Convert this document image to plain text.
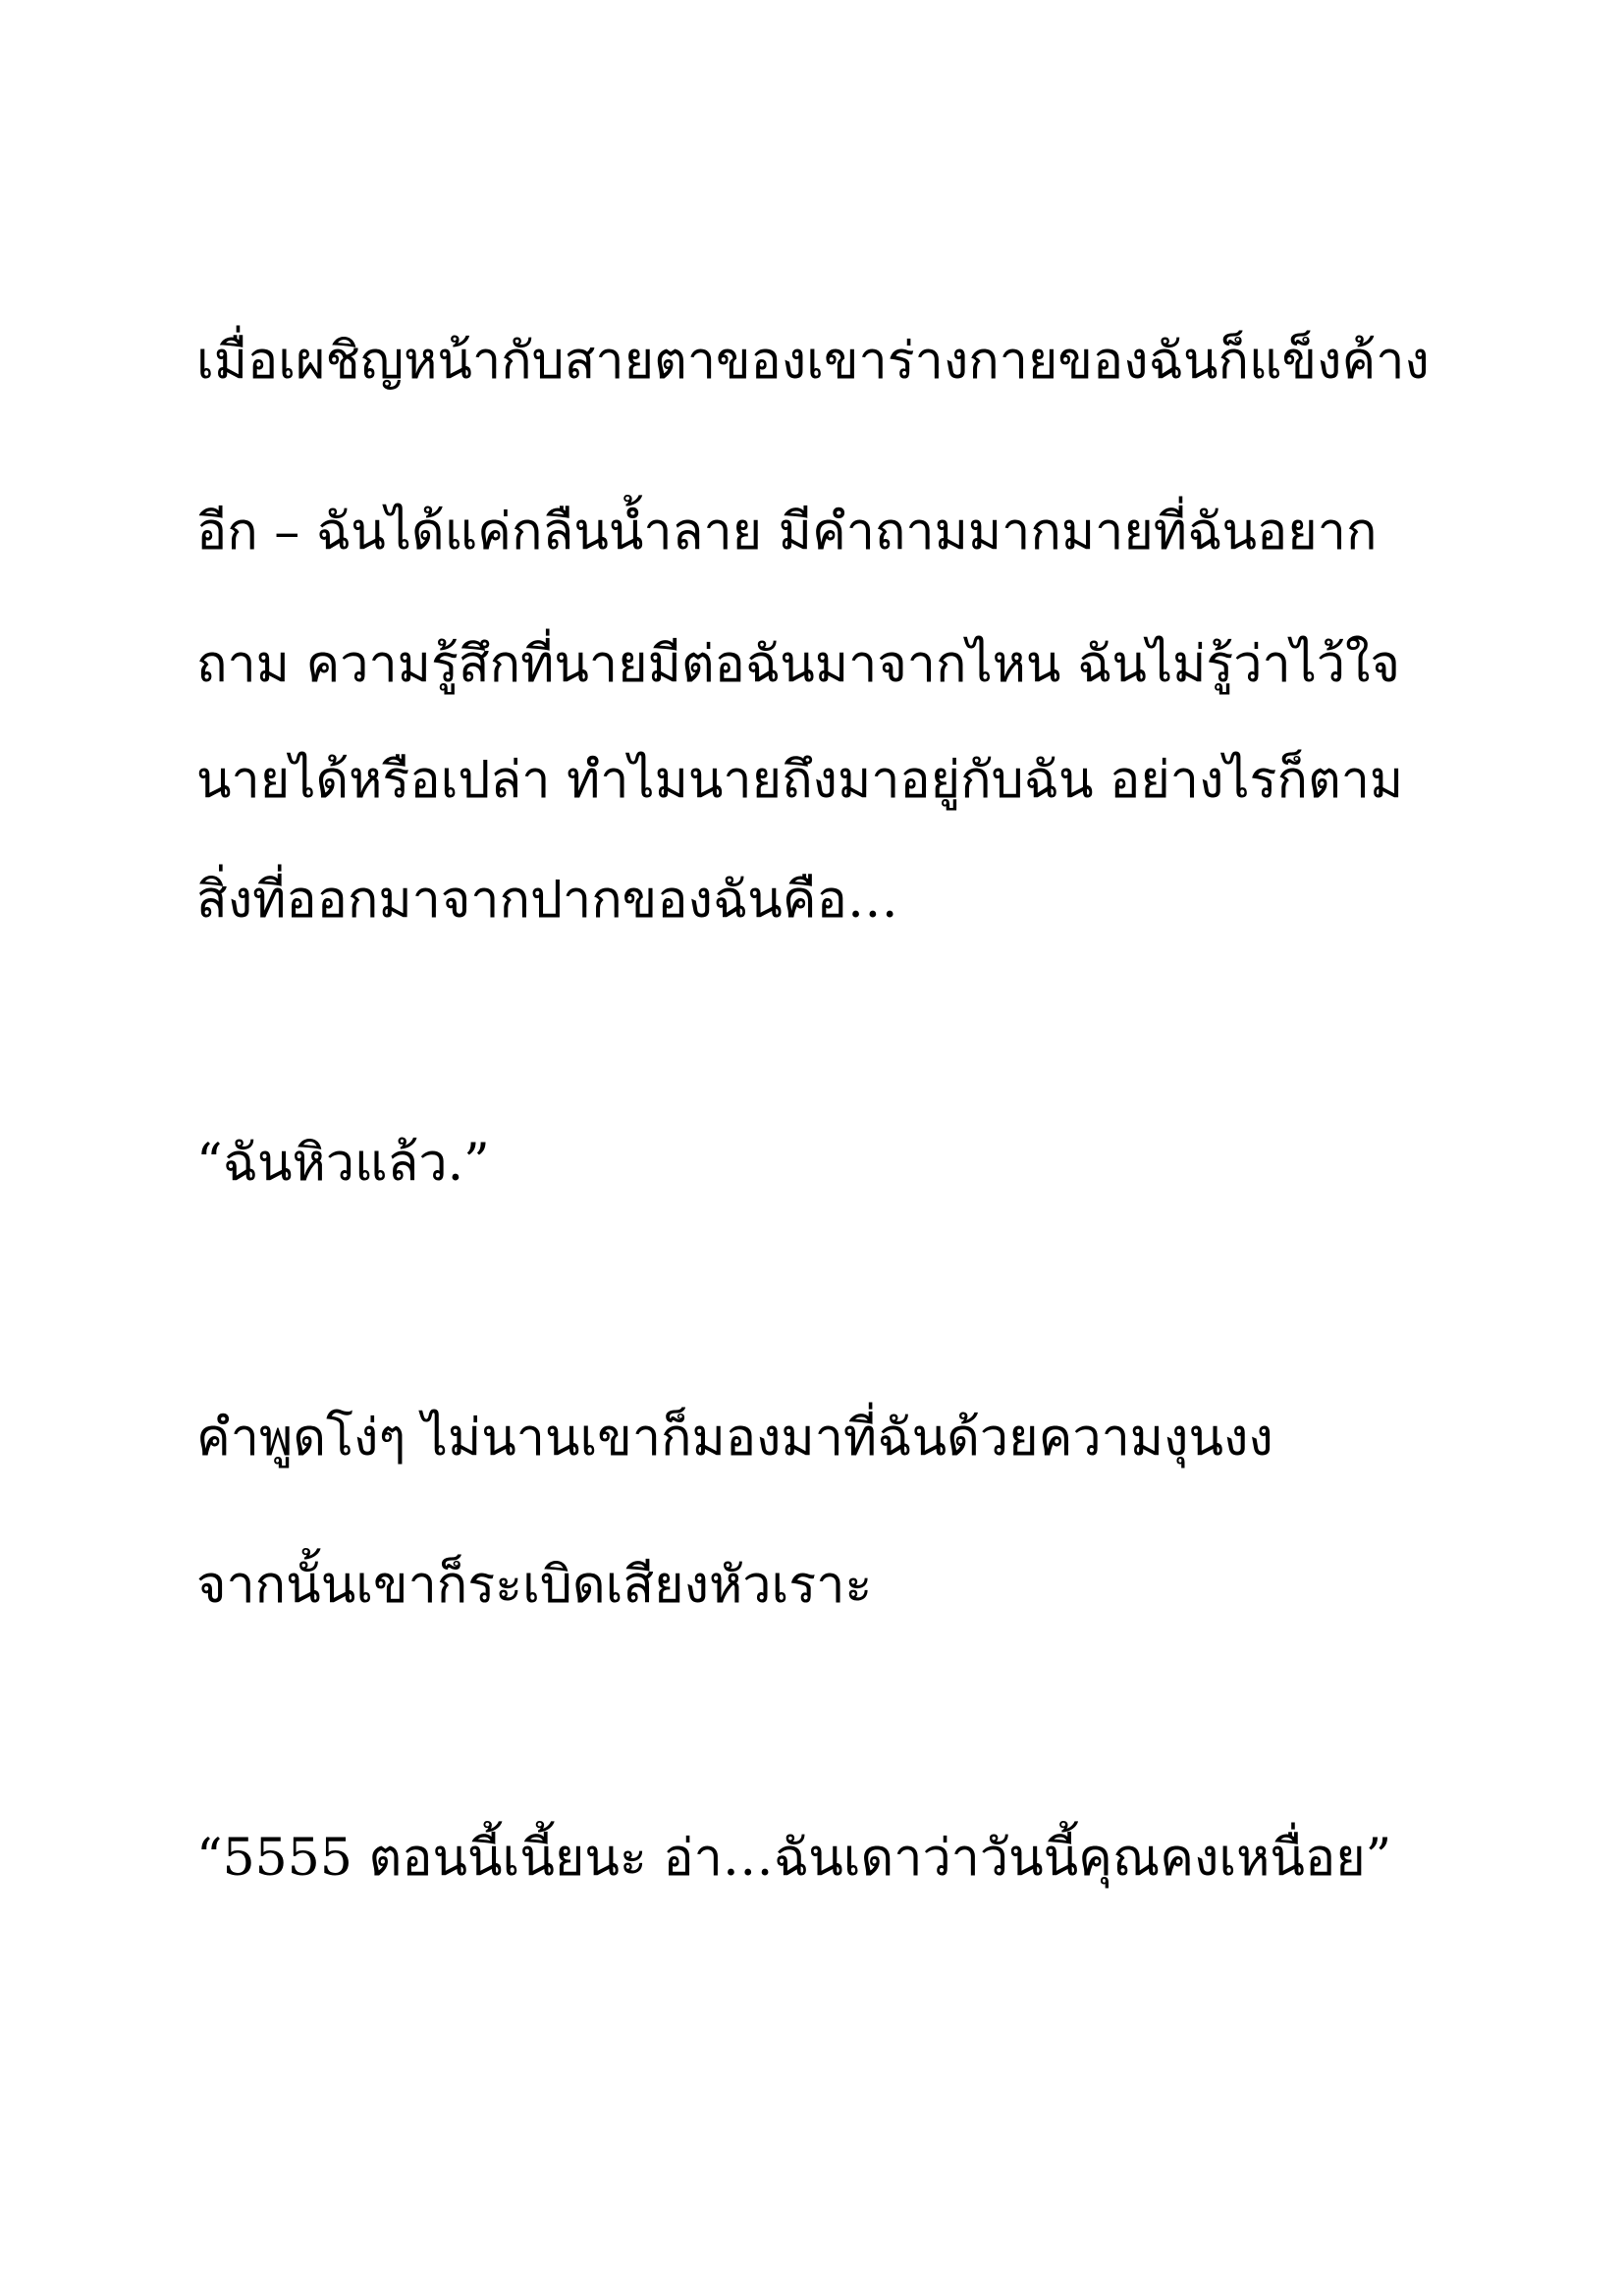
เมื่อเผชิญหน้ากับสายตาของเขาร่างกายของฉันก็แข็งค้าง
อีก – ฉันได้แค่กลืนน้ำลาย มีคำถามมากมายที่ฉันอยาก
ถาม ความรู้สึกที่นายมีต่อฉันมาจากไหน ฉันไม่รู้ว่าไว้ใจ
นายได้หรือเปล่า ทำไมนายถึงมาอยู่กับฉัน อย่างไรก็ตาม
สิ่งที่ออกมาจากปากของฉันคือ…
“ฉันหิวแล้ว.”
คำพูดโง่ๆ ไม่นานเขาก็มองมาที่ฉันด้วยความงุนงง
จากนั้นเขาก็ระเบิดเสียงหัวเราะ
“5555 ตอนนี้เนี้ยนะ อ่า…ฉันเดาว่าวันนี้คุณคงเหนื่อย”
